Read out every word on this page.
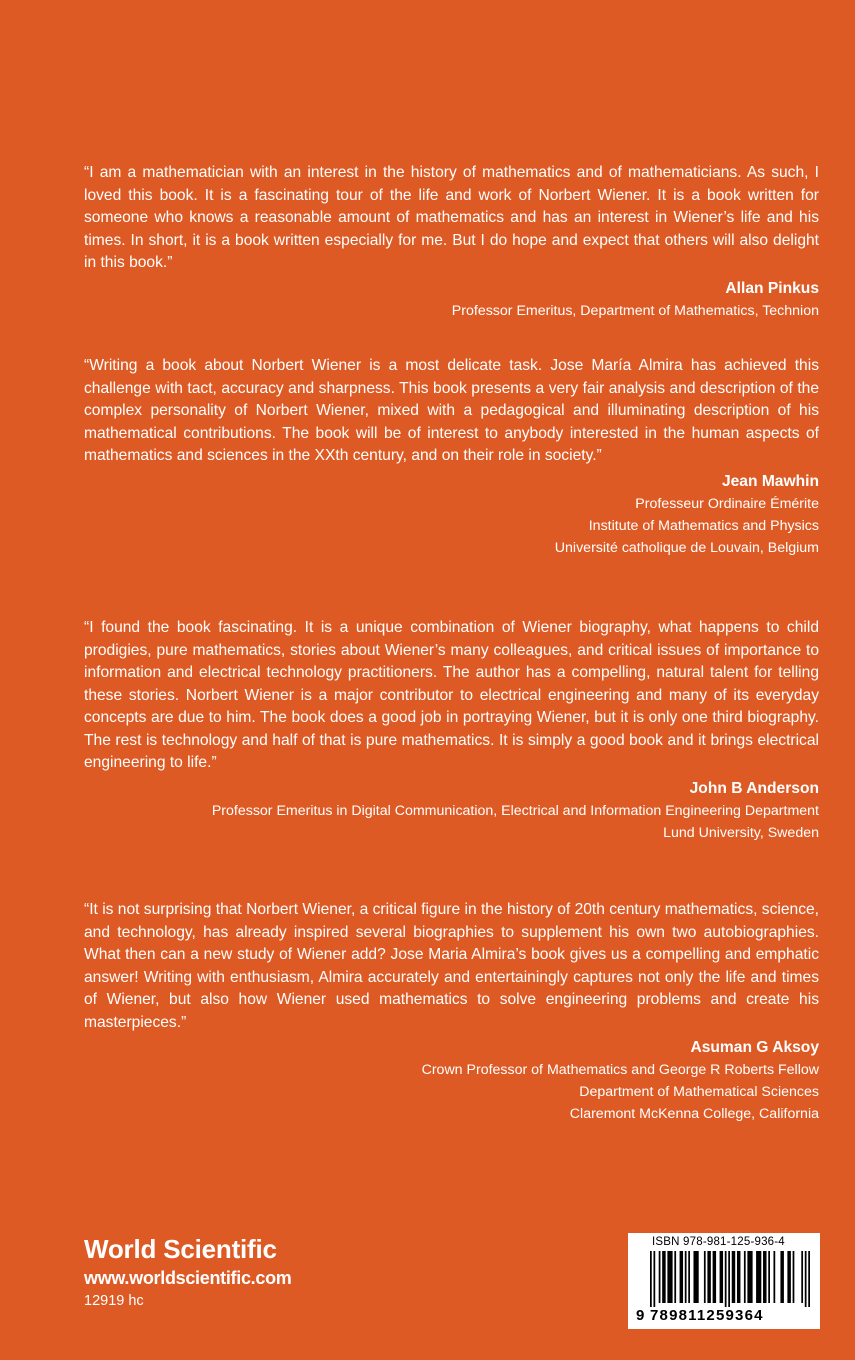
“I am a mathematician with an interest in the history of mathematics and of mathematicians. As such, I loved this book. It is a fascinating tour of the life and work of Norbert Wiener. It is a book written for someone who knows a reasonable amount of mathematics and has an interest in Wiener’s life and his times. In short, it is a book written especially for me. But I do hope and expect that others will also delight in this book.”

Allan Pinkus
Professor Emeritus, Department of Mathematics, Technion

“Writing a book about Norbert Wiener is a most delicate task. Jose María Almira has achieved this challenge with tact, accuracy and sharpness. This book presents a very fair analysis and description of the complex personality of Norbert Wiener, mixed with a pedagogical and illuminating description of his mathematical contributions. The book will be of interest to anybody interested in the human aspects of mathematics and sciences in the XXth century, and on their role in society.”

Jean Mawhin
Professeur Ordinaire Émérite
Institute of Mathematics and Physics
Université catholique de Louvain, Belgium

“I found the book fascinating. It is a unique combination of Wiener biography, what happens to child prodigies, pure mathematics, stories about Wiener’s many colleagues, and critical issues of importance to information and electrical technology practitioners. The author has a compelling, natural talent for telling these stories. Norbert Wiener is a major contributor to electrical engineering and many of its everyday concepts are due to him. The book does a good job in portraying Wiener, but it is only one third biography. The rest is technology and half of that is pure mathematics. It is simply a good book and it brings electrical engineering to life.”

John B Anderson
Professor Emeritus in Digital Communication, Electrical and Information Engineering Department
Lund University, Sweden

“It is not surprising that Norbert Wiener, a critical figure in the history of 20th century mathematics, science, and technology, has already inspired several biographies to supplement his own two autobiographies. What then can a new study of Wiener add? Jose Maria Almira’s book gives us a compelling and emphatic answer! Writing with enthusiasm, Almira accurately and entertainingly captures not only the life and times of Wiener, but also how Wiener used mathematics to solve engineering problems and create his masterpieces.”

Asuman G Aksoy
Crown Professor of Mathematics and George R Roberts Fellow
Department of Mathematical Sciences
Claremont McKenna College, California
World Scientific
www.worldscientific.com
12919 hc
ISBN 978-981-125-936-4
9 789811259364
